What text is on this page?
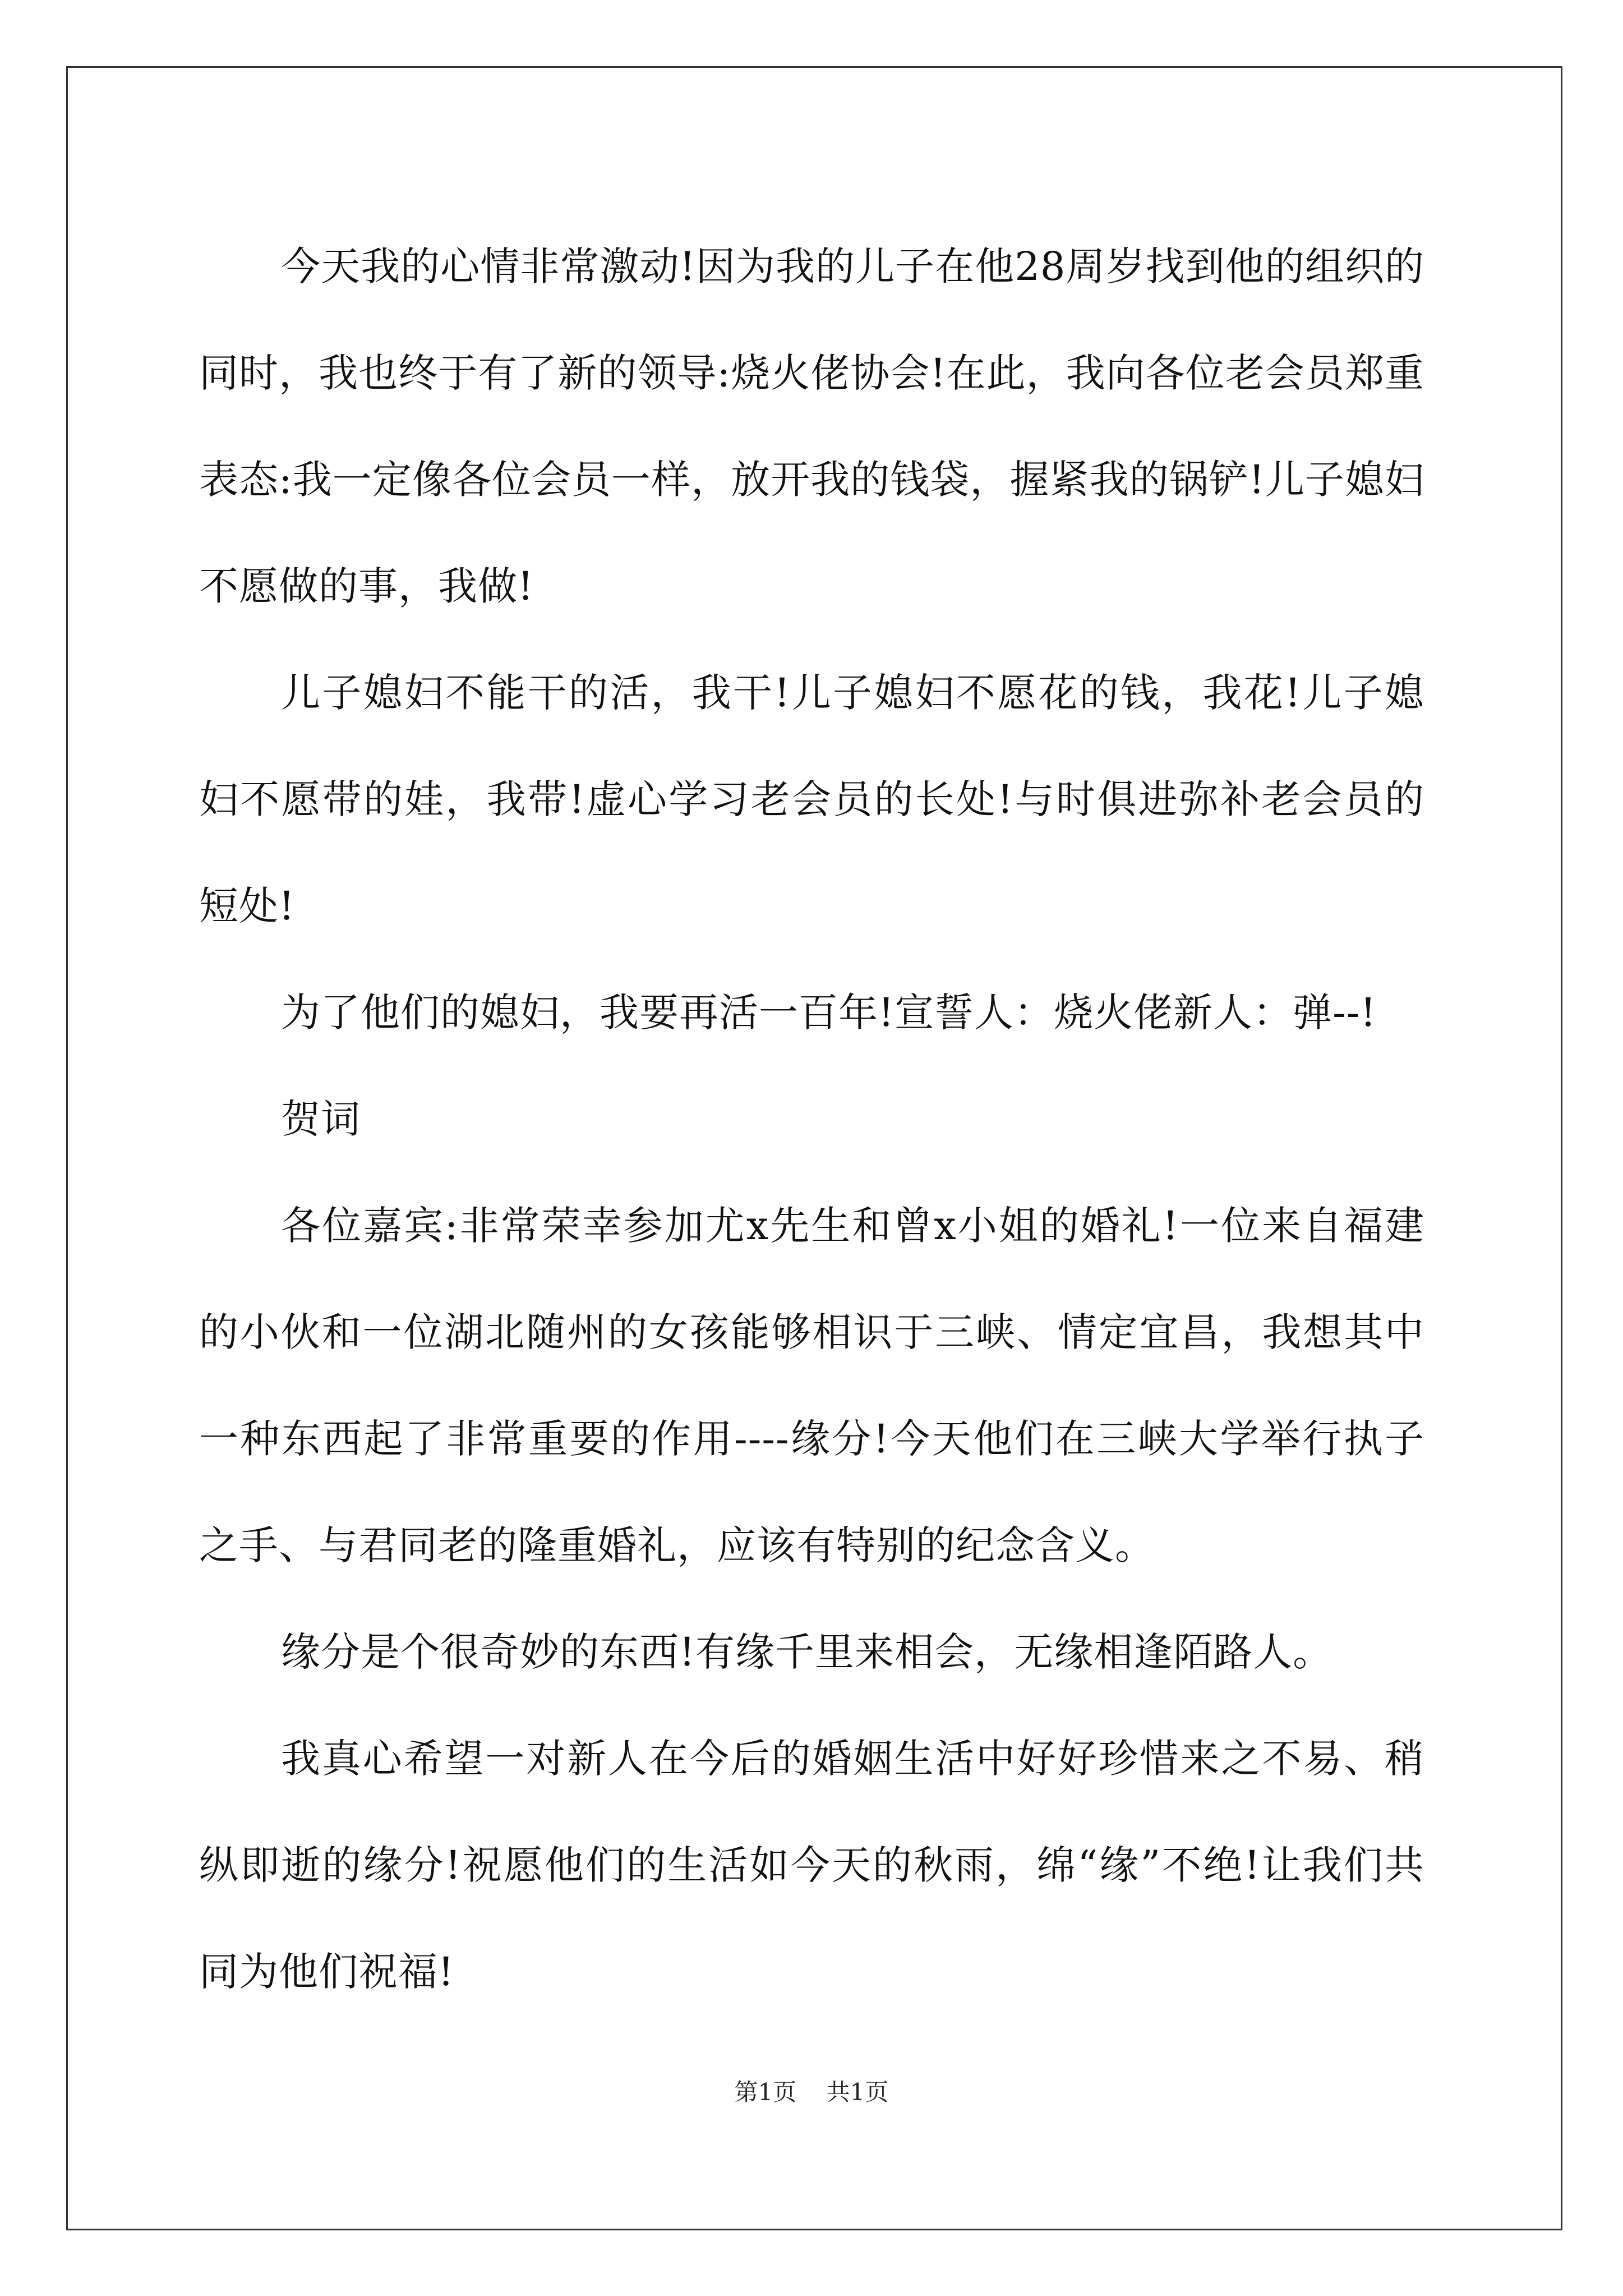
今天我的心情非常激动!因为我的儿子在他28周岁找到他的组织的同时，我也终于有了新的领导:烧火佬协会!在此，我向各位老会员郑重表态:我一定像各位会员一样，放开我的钱袋，握紧我的锅铲!儿子媳妇不愿做的事，我做!

儿子媳妇不能干的活，我干!儿子媳妇不愿花的钱，我花!儿子媳妇不愿带的娃，我带!虚心学习老会员的长处!与时俱进弥补老会员的短处!

为了他们的媳妇，我要再活一百年!宣誓人：烧火佬新人：弹--!

贺词

各位嘉宾:非常荣幸参加尤x先生和曾x小姐的婚礼!一位来自福建的小伙和一位湖北随州的女孩能够相识于三峡、情定宜昌，我想其中一种东西起了非常重要的作用----缘分!今天他们在三峡大学举行执子之手、与君同老的隆重婚礼，应该有特别的纪念含义。

缘分是个很奇妙的东西!有缘千里来相会，无缘相逢陌路人。

我真心希望一对新人在今后的婚姻生活中好好珍惜来之不易、稍纵即逝的缘分!祝愿他们的生活如今天的秋雨，绵“缘”不绝!让我们共同为他们祝福!

第1页 共1页
